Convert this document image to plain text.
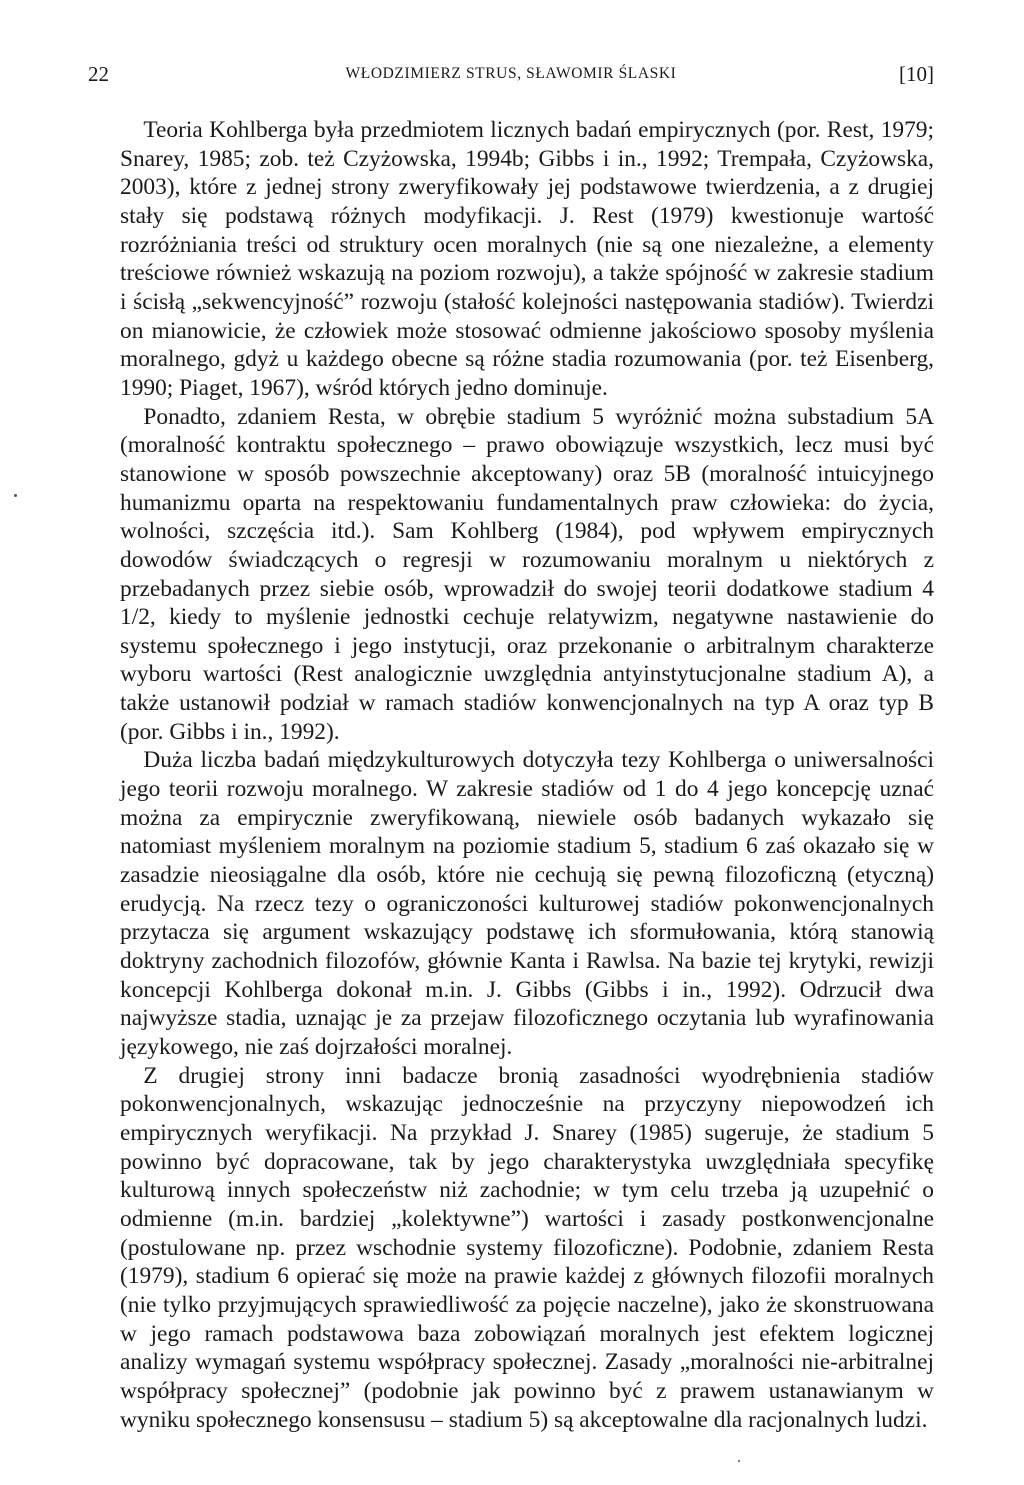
22	WŁODZIMIERZ STRUS, SŁAWOMIR ŚLASKI	[10]

Teoria Kohlberga była przedmiotem licznych badań empirycznych (por. Rest, 1979; Snarey, 1985; zob. też Czyżowska, 1994b; Gibbs i in., 1992; Trempała, Czyżowska, 2003), które z jednej strony zweryfikowały jej podstawowe twierdzenia, a z drugiej stały się podstawą różnych modyfikacji. J. Rest (1979) kwestionuje wartość rozróżniania treści od struktury ocen moralnych (nie są one niezależne, a elementy treściowe również wskazują na poziom rozwoju), a także spójność w zakresie stadium i ścisłą „sekwencyjność” rozwoju (stałość kolejności następowania stadiów). Twierdzi on mianowicie, że człowiek może stosować odmienne jakościowo sposoby myślenia moralnego, gdyż u każdego obecne są różne stadia rozumowania (por. też Eisenberg, 1990; Piaget, 1967), wśród których jedno dominuje.

Ponadto, zdaniem Resta, w obrębie stadium 5 wyróżnić można substadium 5A (moralność kontraktu społecznego – prawo obowiązuje wszystkich, lecz musi być stanowione w sposób powszechnie akceptowany) oraz 5B (moralność intuicyjnego humanizmu oparta na respektowaniu fundamentalnych praw człowieka: do życia, wolności, szczęścia itd.). Sam Kohlberg (1984), pod wpływem empirycznych dowodów świadczących o regresji w rozumowaniu moralnym u niektórych z przebadanych przez siebie osób, wprowadził do swojej teorii dodatkowe stadium 4 1/2, kiedy to myślenie jednostki cechuje relatywizm, negatywne nastawienie do systemu społecznego i jego instytucji, oraz przekonanie o arbitralnym charakterze wyboru wartości (Rest analogicznie uwzględnia antyinstytucjonalne stadium A), a także ustanowił podział w ramach stadiów konwencjonalnych na typ A oraz typ B (por. Gibbs i in., 1992).

Duża liczba badań międzykulturowych dotyczyła tezy Kohlberga o uniwersalności jego teorii rozwoju moralnego. W zakresie stadiów od 1 do 4 jego koncepcję uznać można za empirycznie zweryfikowaną, niewiele osób badanych wykazało się natomiast myśleniem moralnym na poziomie stadium 5, stadium 6 zaś okazało się w zasadzie nieosiągalne dla osób, które nie cechują się pewną filozoficzną (etyczną) erudycją. Na rzecz tezy o ograniczoności kulturowej stadiów pokonwencjonalnych przytacza się argument wskazujący podstawę ich sformułowania, którą stanowią doktryny zachodnich filozofów, głównie Kanta i Rawlsa. Na bazie tej krytyki, rewizji koncepcji Kohlberga dokonał m.in. J. Gibbs (Gibbs i in., 1992). Odrzucił dwa najwyższe stadia, uznając je za przejaw filozoficznego oczytania lub wyrafinowania językowego, nie zaś dojrzałości moralnej.

Z drugiej strony inni badacze bronią zasadności wyodrębnienia stadiów pokonwencjonalnych, wskazując jednocześnie na przyczyny niepowodzeń ich empirycznych weryfikacji. Na przykład J. Snarey (1985) sugeruje, że stadium 5 powinno być dopracowane, tak by jego charakterystyka uwzględniała specyfikę kulturową innych społeczeństw niż zachodnie; w tym celu trzeba ją uzupełnić o odmienne (m.in. bardziej „kolektywne”) wartości i zasady postkonwencjonalne (postulowane np. przez wschodnie systemy filozoficzne). Podobnie, zdaniem Resta (1979), stadium 6 opierać się może na prawie każdej z głównych filozofii moralnych (nie tylko przyjmujących sprawiedliwość za pojęcie naczelne), jako że skonstruowana w jego ramach podstawowa baza zobowiązań moralnych jest efektem logicznej analizy wymagań systemu współpracy społecznej. Zasady „moralności nie-arbitralnej współpracy społecznej” (podobnie jak powinno być z prawem ustanawianym w wyniku społecznego konsensusu – stadium 5) są akceptowalne dla racjonalnych ludzi.
